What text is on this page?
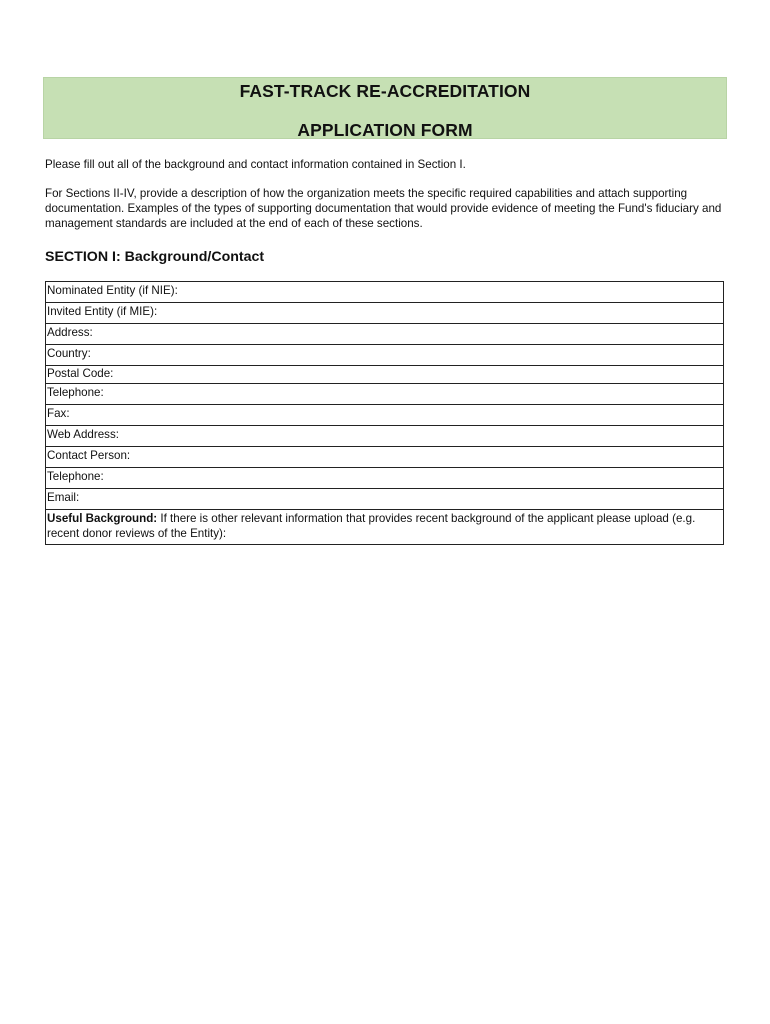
FAST-TRACK RE-ACCREDITATION
APPLICATION FORM
Please fill out all of the background and contact information contained in Section I.
For Sections II-IV, provide a description of how the organization meets the specific required capabilities and attach supporting documentation. Examples of the types of supporting documentation that would provide evidence of meeting the Fund's fiduciary and management standards are included at the end of each of these sections.
SECTION I: Background/Contact
Nominated Entity (if NIE):
Invited Entity (if MIE):
Address:
Country:
Postal Code:
Telephone:
Fax:
Web Address:
Contact Person:
Telephone:
Email:
Useful Background: If there is other relevant information that provides recent background of the applicant please upload (e.g. recent donor reviews of the Entity):
